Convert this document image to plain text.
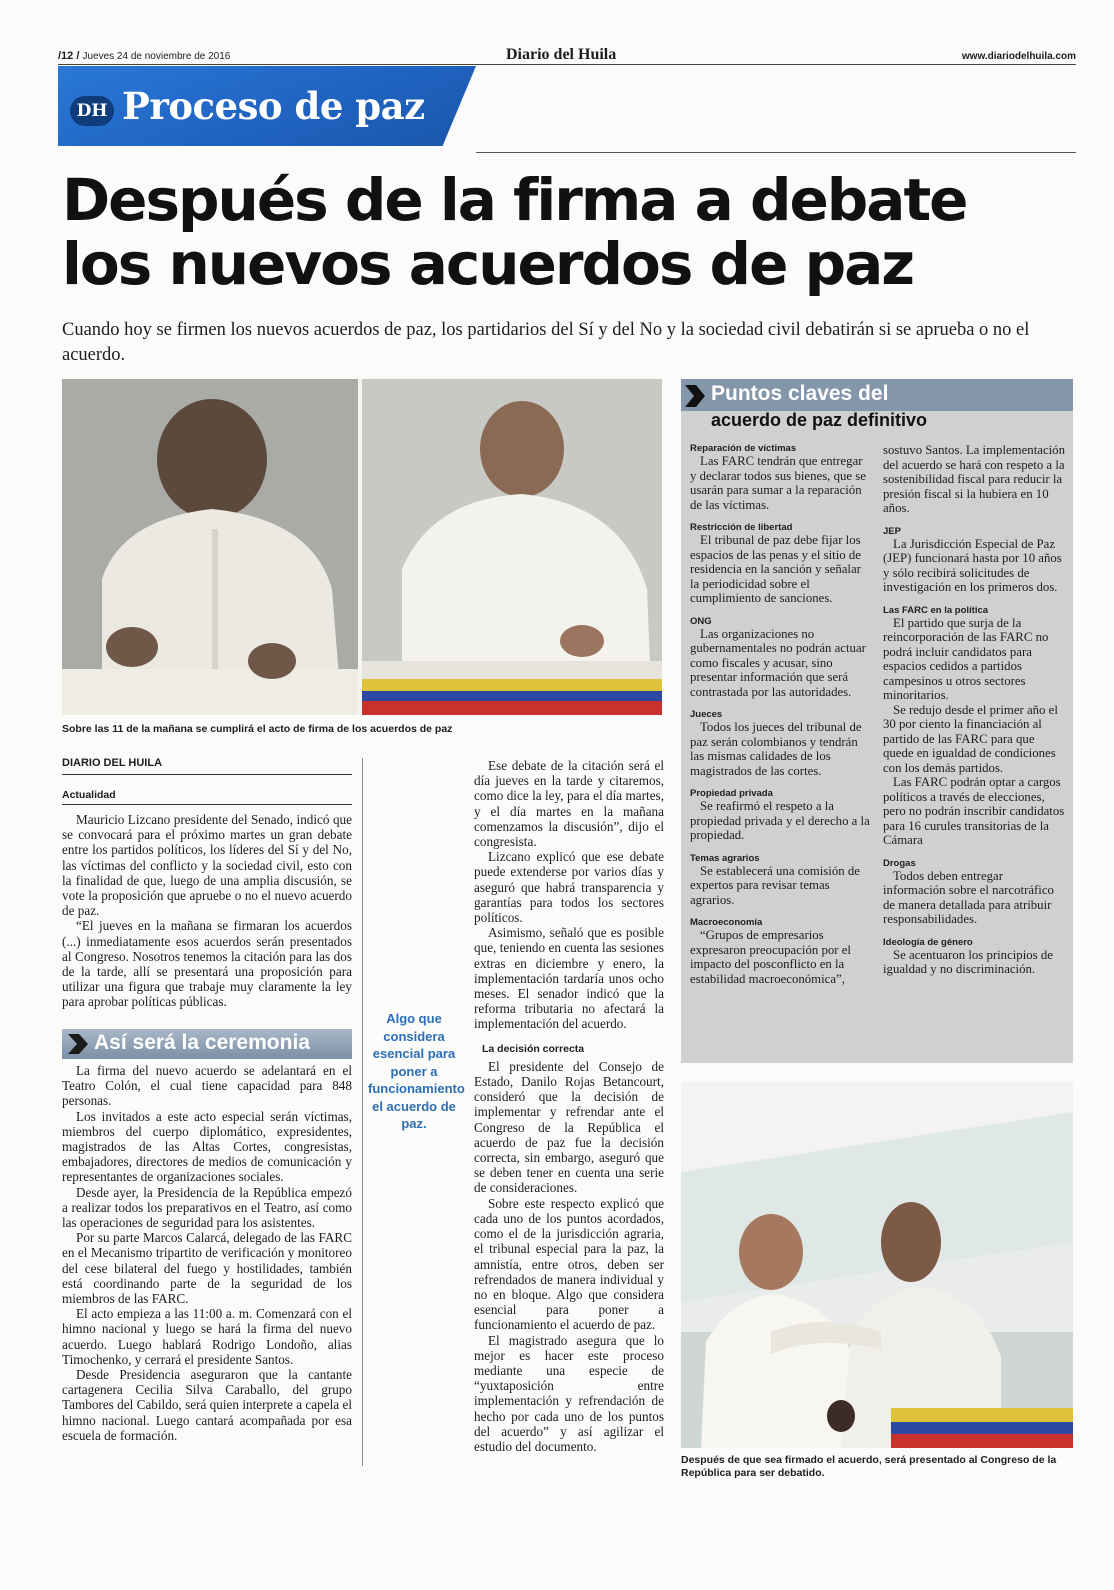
/12 / Jueves 24 de noviembre de 2016	Diario del Huila	www.diariodelhuila.com
DH Proceso de paz
Después de la firma a debate los nuevos acuerdos de paz
Cuando hoy se firmen los nuevos acuerdos de paz, los partidarios del Sí y del No y la sociedad civil debatirán si se aprueba o no el acuerdo.
Sobre las 11 de la mañana se cumplirá el acto de firma de los acuerdos de paz
DIARIO DEL HUILA
Actualidad

Mauricio Lizcano presidente del Senado, indicó que se convocará para el próximo martes un gran debate entre los partidos políticos, los líderes del Sí y del No, las víctimas del conflicto y la sociedad civil, esto con la finalidad de que, luego de una amplia discusión, se vote la proposición que apruebe o no el nuevo acuerdo de paz.

“El jueves en la mañana se firmaran los acuerdos (...) inmediatamente esos acuerdos serán presentados al Congreso. Nosotros tenemos la citación para las dos de la tarde, allí se presentará una proposición para utilizar una figura que trabaje muy claramente la ley para aprobar políticas públicas.

Así será la ceremonia

La firma del nuevo acuerdo se adelantará en el Teatro Colón, el cual tiene capacidad para 848 personas.

Los invitados a este acto especial serán víctimas, miembros del cuerpo diplomático, expresidentes, magistrados de las Altas Cortes, congresistas, embajadores, directores de medios de comunicación y representantes de organizaciones sociales.

Desde ayer, la Presidencia de la República empezó a realizar todos los preparativos en el Teatro, así como las operaciones de seguridad para los asistentes.

Por su parte Marcos Calarcá, delegado de las FARC en el Mecanismo tripartito de verificación y monitoreo del cese bilateral del fuego y hostilidades, también está coordinando parte de la seguridad de los miembros de las FARC.

El acto empieza a las 11:00 a. m. Comenzará con el himno nacional y luego se hará la firma del nuevo acuerdo. Luego hablará Rodrigo Londoño, alias Timochenko, y cerrará el presidente Santos.

Desde Presidencia aseguraron que la cantante cartagenera Cecilia Silva Caraballo, del grupo Tambores del Cabildo, será quien interprete a capela el himno nacional. Luego cantará acompañada por esa escuela de formación.

Algo que considera esencial para poner a funcionamiento el acuerdo de paz.

Ese debate de la citación será el día jueves en la tarde y citaremos, como dice la ley, para el día martes, y el día martes en la mañana comenzamos la discusión”, dijo el congresista.

Lizcano explicó que ese debate puede extenderse por varios días y aseguró que habrá transparencia y garantías para todos los sectores políticos.

Asimismo, señaló que es posible que, teniendo en cuenta las sesiones extras en diciembre y enero, la implementación tardaría unos ocho meses. El senador indicó que la reforma tributaria no afectará la implementación del acuerdo.

La decisión correcta

El presidente del Consejo de Estado, Danilo Rojas Betancourt, consideró que la decisión de implementar y refrendar ante el Congreso de la República el acuerdo de paz fue la decisión correcta, sin embargo, aseguró que se deben tener en cuenta una serie de consideraciones.

Sobre este respecto explicó que cada uno de los puntos acordados, como el de la jurisdicción agraria, el tribunal especial para la paz, la amnistía, entre otros, deben ser refrendados de manera individual y no en bloque. Algo que considera esencial para poner a funcionamiento el acuerdo de paz.

El magistrado asegura que lo mejor es hacer este proceso mediante una especie de “yuxtaposición entre implementación y refrendación de hecho por cada uno de los puntos del acuerdo” y así agilizar el estudio del documento.

Puntos claves del
acuerdo de paz definitivo
Reparación de víctimas

Las FARC tendrán que entregar y declarar todos sus bienes, que se usarán para sumar a la reparación de las víctimas.

Restricción de libertad

El tribunal de paz debe fijar los espacios de las penas y el sitio de residencia en la sanción y señalar la periodicidad sobre el cumplimiento de sanciones.

ONG

Las organizaciones no gubernamentales no podrán actuar como fiscales y acusar, sino presentar información que será contrastada por las autoridades.

Jueces

Todos los jueces del tribunal de paz serán colombianos y tendrán las mismas calidades de los magistrados de las cortes.

Propiedad privada

Se reafirmó el respeto a la propiedad privada y el derecho a la propiedad.

Temas agrarios

Se establecerá una comisión de expertos para revisar temas agrarios.

Macroeconomía

“Grupos de empresarios expresaron preocupación por el impacto del posconflicto en la estabilidad macroeconómica”,

sostuvo Santos. La implementación del acuerdo se hará con respeto a la sostenibilidad fiscal para reducir la presión fiscal si la hubiera en 10 años.

JEP

La Jurisdicción Especial de Paz (JEP) funcionará hasta por 10 años y sólo recibirá solicitudes de investigación en los primeros dos.

Las FARC en la política

El partido que surja de la reincorporación de las FARC no podrá incluir candidatos para espacios cedidos a partidos campesinos u otros sectores minoritarios.

Se redujo desde el primer año el 30 por ciento la financiación al partido de las FARC para que quede en igualdad de condiciones con los demás partidos.

Las FARC podrán optar a cargos políticos a través de elecciones, pero no podrán inscribir candidatos para 16 curules transitorias de la Cámara

Drogas

Todos deben entregar información sobre el narcotráfico de manera detallada para atribuir responsabilidades.

Ideología de género

Se acentuaron los principios de igualdad y no discriminación.

Después de que sea firmado el acuerdo, será presentado al Congreso de la República para ser debatido.
